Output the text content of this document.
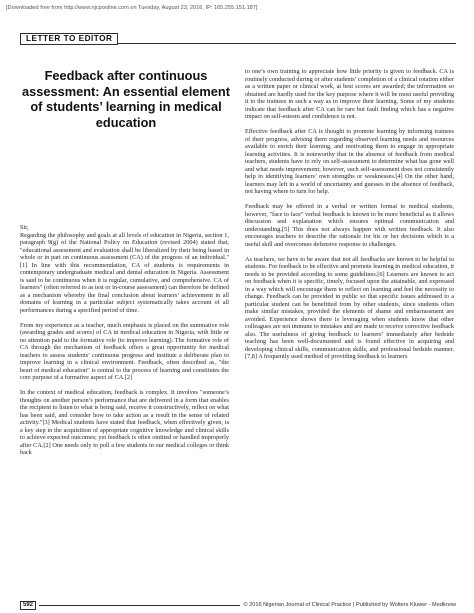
[Downloaded free from http://www.njcponline.com on Tuesday, August 23, 2016, IP: 165.255.151.187]
LETTER TO EDITOR
Feedback after continuous assessment: An essential element of students’ learning in medical education

Sir,

Regarding the philosophy and goals at all levels of education in Nigeria, section 1, paragraph 9(g) of the National Policy on Education (revised 2004) stated that, "educational assessment and evaluation shall be liberalized by their being based in whole or in part on continuous assessment (CA) of the progress of an individual."[1] In line with this recommendation, CA of students is requirements in contemporary undergraduate medical and dental education in Nigeria. Assessment is said to be continuous when it is regular, cumulative, and comprehensive. CA of learners" (often referred to as test or in-course assessment) can therefore be defined as a mechanism whereby the final conclusion about learners’ achievement in all domains of learning in a particular subject systematically takes account of all performances during a specified period of time.

From my experience as a teacher, much emphasis is placed on the summative role (awarding grades and scores) of CA in medical education in Nigeria, with little or no attention paid to the formative role (to improve learning). The formative role of CA through the mechanism of feedback offers a great opportunity for medical teachers to assess students’ continuous progress and institute a deliberate plan to improve learning in a clinical environment. Feedback, often described as, "the heart of medical education" is central to the process of learning and constitutes the core purpose of a formative aspect of CA.[2]

In the context of medical education, feedback is complex. It involves "someone’s thoughts on another person’s performance that are delivered in a form that enables the recipient to listen to what is being said, receive it constructively, reflect on what has been said, and consider how to take action as a result in the sense of related activity."[3] Medical students have stated that feedback, when effectively given, is a key step in the acquisition of appropriate cognitive knowledge and clinical skills to achieve expected outcomes; yet feedback is often omitted or handled improperly after CA.[2] One needs only to poll a few students in our medical colleges or think back

to one’s own training to appreciate how little priority is given to feedback. CA is routinely conducted during or after students’ completion of a clinical rotation either as a written paper or clinical work, at best scores are awarded; the information so obtained are hardly used for the key purpose where it will be most useful providing it to the trainees in such a way as to improve their learning. Some of my students indicate that feedback after CA can be rare but fault finding which has a negative impact on self-esteem and confidence is not.

Effective feedback after CA is thought to promote learning by informing trainees of their progress, advising them regarding observed learning needs and resources available to enrich their learning, and motivating them to engage in appropriate learning activities. It is noteworthy that in the absence of feedback from medical teachers, students have to rely on self-assessment to determine what has gone well and what needs improvement; however, such self-assessment does not consistently help in identifying learners’ own strengths or weaknesses.[4] On the other hand, learners may left in a world of uncertainty and guesses in the absence of feedback, not having where to turn for help.

Feedback may be offered in a verbal or written format to medical students, however, "face to face" verbal feedback is known to be more beneficial as it allows discussion and explanation which ensures optimal communication and understanding.[5] This does not always happen with written feedback. It also encourages teachers to describe the rationale for his or her decisions which is a useful skill and overcomes defensive response to challenges.

As teachers, we have to be aware that not all feedbacks are known to be helpful to students. For feedback to be effective and promote learning in medical education, it needs to be provided according to some guidelines.[6] Learners are known to act on feedback when it is specific, timely, focused upon the attainable, and expressed in a way which will encourage them to reflect on learning and feel the necessity to change. Feedback can be provided in public so that specific issues addressed to a particular student can be benefitted from by other students, since students often make similar mistakes, provided the elements of shame and embarrassment are avoided. Experience shows there is leveraging when students know that other colleagues are not immune to mistakes and are made to receive corrective feedback also. The usefulness of giving feedback to learners’ immediately after bedside teaching has been well-documented and is found effective in acquiring and developing clinical skills, communication skills, and professional bedside manner.[7,8] A frequently used method of providing feedback to learners

592	© 2016 Nigerian Journal of Clinical Practice | Published by Wolters Kluwer - Medknow
